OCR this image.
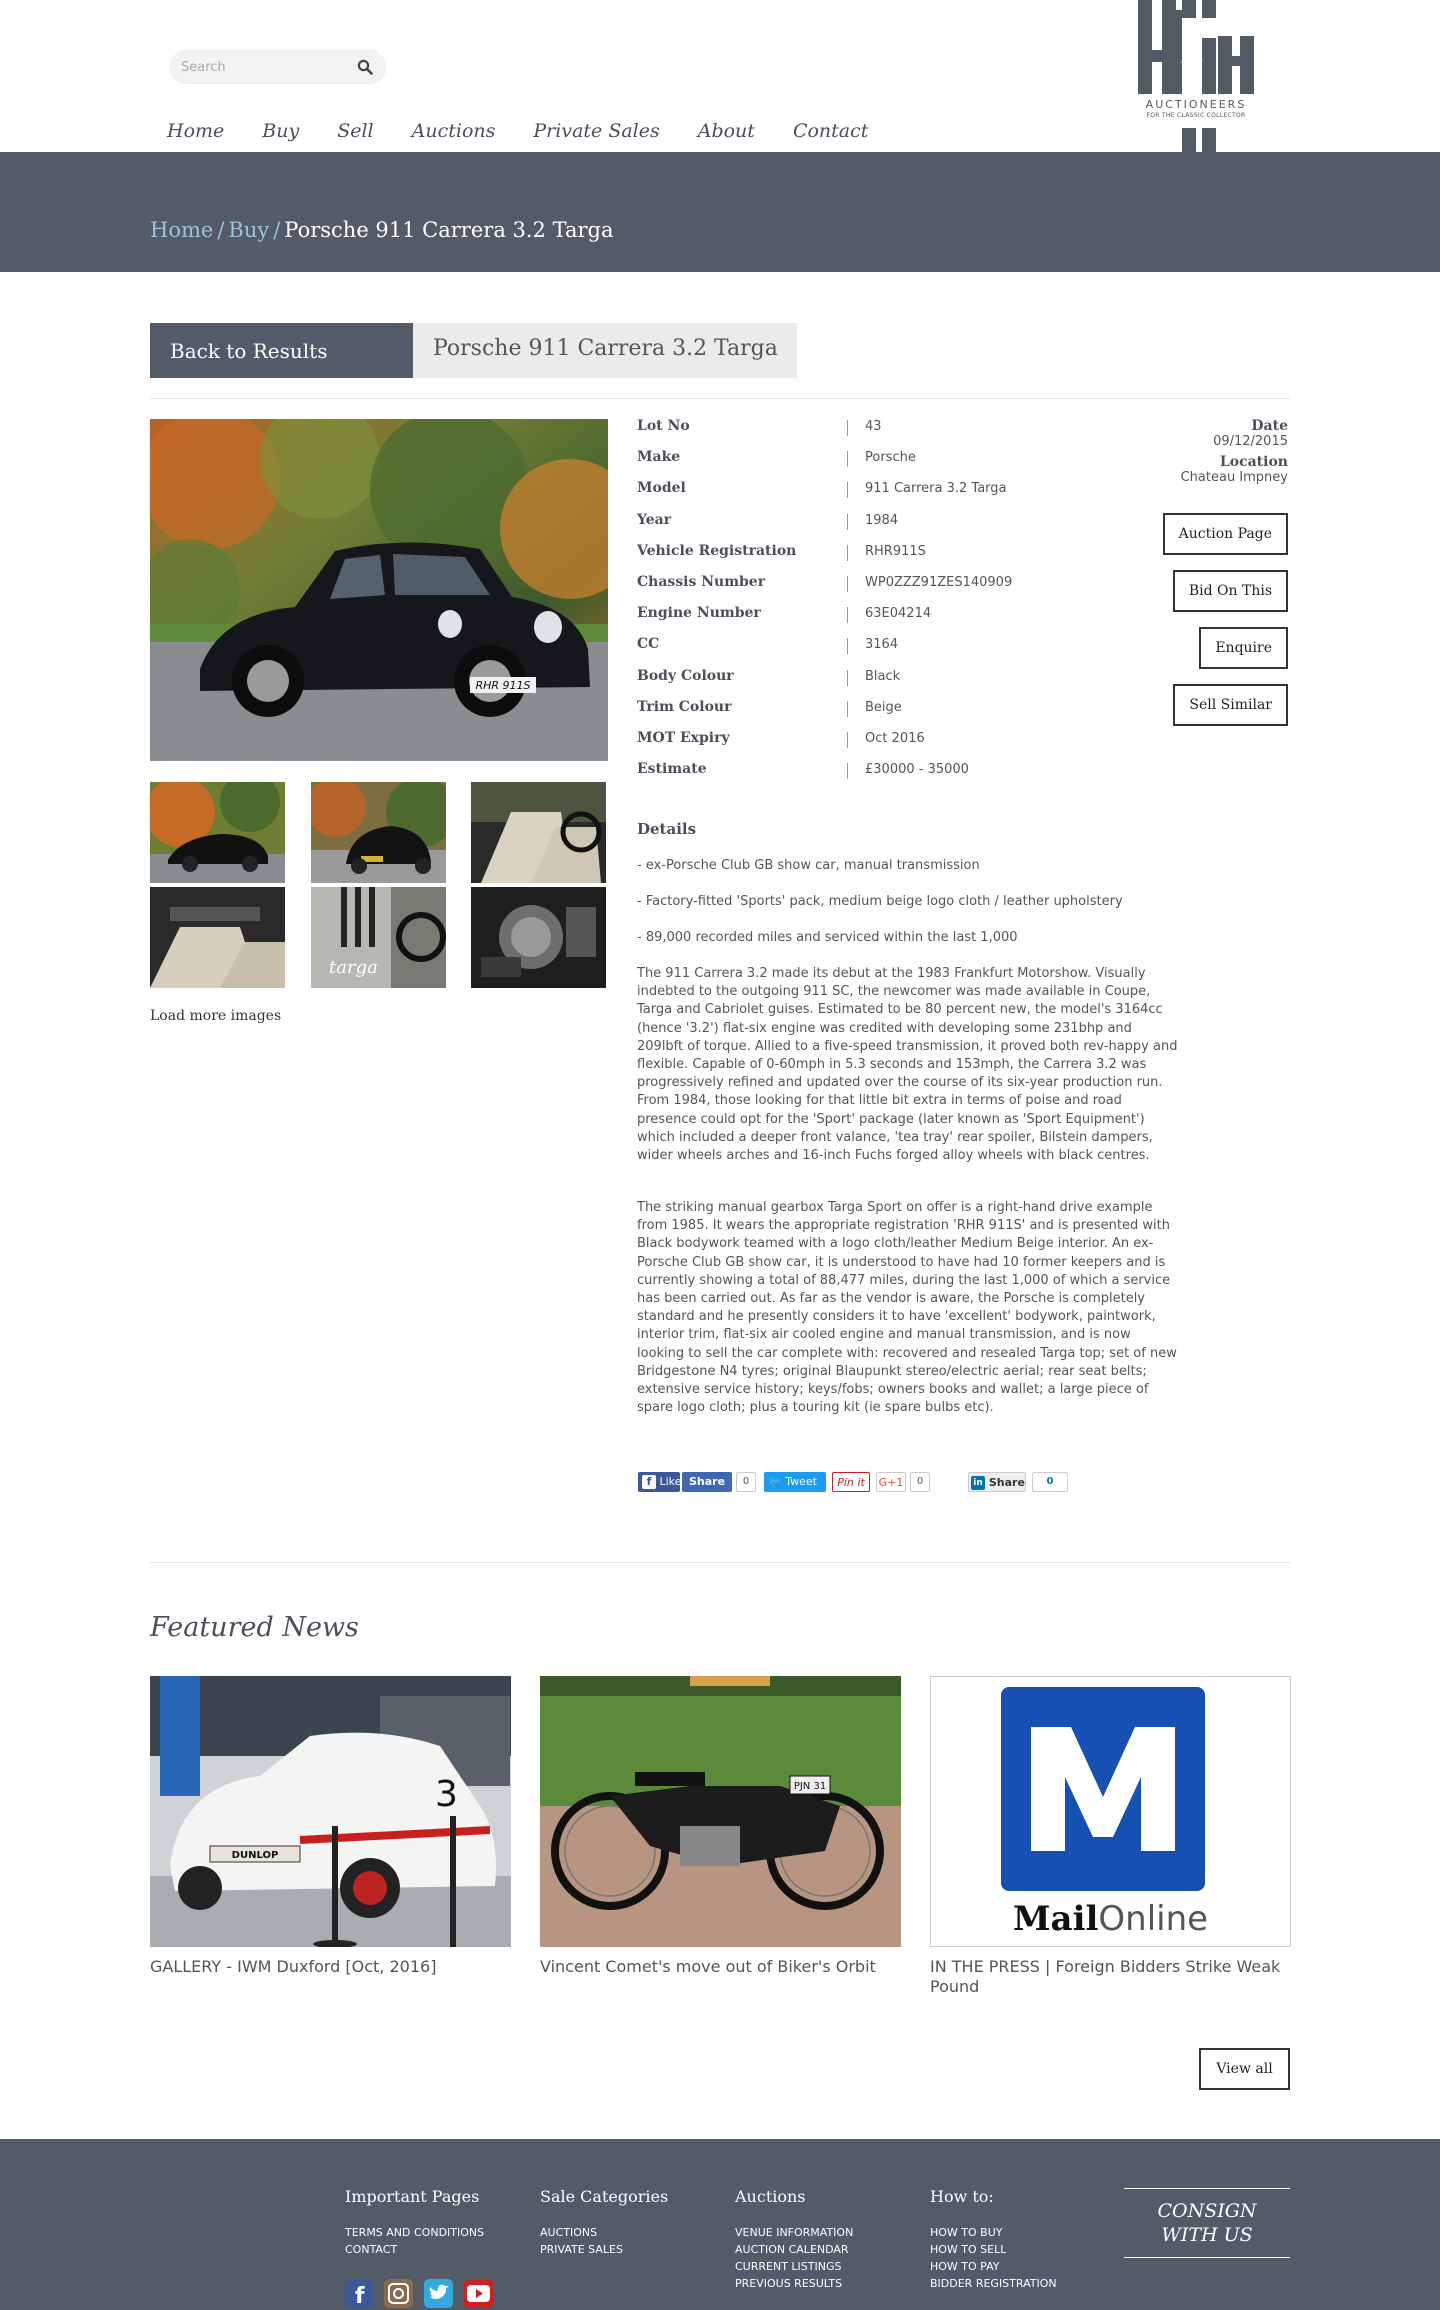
Search
Home Buy Sell Auctions Private Sales About Contact
AND
AUCTIONEERS
FOR THE CLASSIC COLLECTOR
Home / Buy / Porsche 911 Carrera 3.2 Targa
Back to Results	Porsche 911 Carrera 3.2 Targa
RHR 911S
targa
Load more images
Lot No	43
Make	Porsche
Model	911 Carrera 3.2 Targa
Year	1984
Vehicle Registration	RHR911S
Chassis Number	WP0ZZZ91ZES140909
Engine Number	63E04214
CC	3164
Body Colour	Black
Trim Colour	Beige
MOT Expiry	Oct 2016
Estimate	£30000 - 35000
Date
09/12/2015
Location
Chateau Impney
Auction Page
Bid On This
Enquire
Sell Similar
Details
- ex-Porsche Club GB show car, manual transmission
- Factory-fitted 'Sports' pack, medium beige logo cloth / leather upholstery
- 89,000 recorded miles and serviced within the last 1,000

The 911 Carrera 3.2 made its debut at the 1983 Frankfurt Motorshow. Visually indebted to the outgoing 911 SC, the newcomer was made available in Coupe, Targa and Cabriolet guises. Estimated to be 80 percent new, the model's 3164cc (hence '3.2') flat-six engine was credited with developing some 231bhp and 209lbft of torque. Allied to a five-speed transmission, it proved both rev-happy and flexible. Capable of 0-60mph in 5.3 seconds and 153mph, the Carrera 3.2 was progressively refined and updated over the course of its six-year production run. From 1984, those looking for that little bit extra in terms of poise and road presence could opt for the 'Sport' package (later known as 'Sport Equipment') which included a deeper front valance, 'tea tray' rear spoiler, Bilstein dampers, wider wheels arches and 16-inch Fuchs forged alloy wheels with black centres.

The striking manual gearbox Targa Sport on offer is a right-hand drive example from 1985. It wears the appropriate registration 'RHR 911S' and is presented with Black bodywork teamed with a logo cloth/leather Medium Beige interior. An ex-Porsche Club GB show car, it is understood to have had 10 former keepers and is currently showing a total of 88,477 miles, during the last 1,000 of which a service has been carried out. As far as the vendor is aware, the Porsche is completely standard and he presently considers it to have 'excellent' bodywork, paintwork, interior trim, flat-six air cooled engine and manual transmission, and is now looking to sell the car complete with: recovered and resealed Targa top; set of new Bridgestone N4 tyres; original Blaupunkt stereo/electric aerial; rear seat belts; extensive service history; keys/fobs; owners books and wallet; a large piece of spare logo cloth; plus a touring kit (ie spare bulbs etc).

f Like Share	0	🐦 Tweet	Pin it	G+1	0	in Share	0
Featured News
DUNLOP
3
GALLERY - IWM Duxford [Oct, 2016]
PJN 31
Vincent Comet's move out of Biker's Orbit
MailOnline
IN THE PRESS | Foreign Bidders Strike Weak Pound
View all
Important Pages
TERMS AND CONDITIONS
CONTACT
Sale Categories
AUCTIONS
PRIVATE SALES
Auctions
VENUE INFORMATION
AUCTION CALENDAR
CURRENT LISTINGS
PREVIOUS RESULTS
How to:
HOW TO BUY
HOW TO SELL
HOW TO PAY
BIDDER REGISTRATION
CONSIGN
WITH US
f
